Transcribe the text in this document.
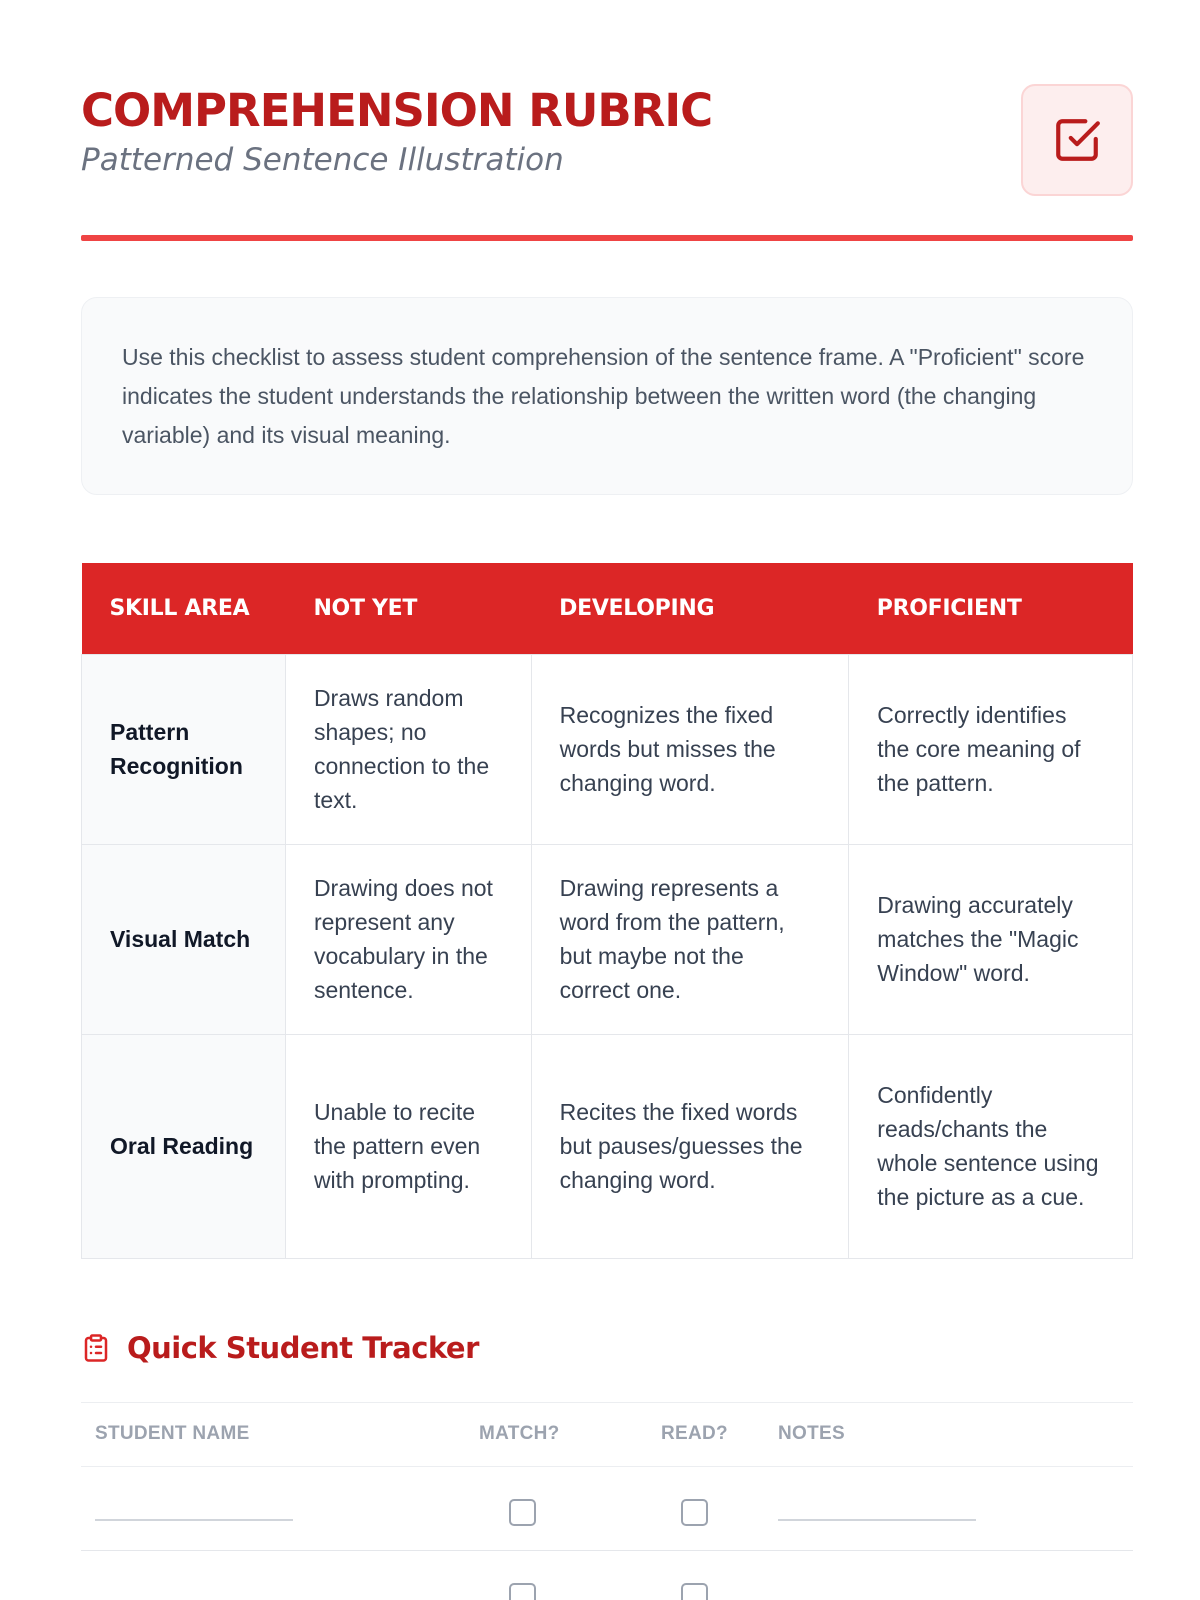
COMPREHENSION RUBRIC
Patterned Sentence Illustration

Use this checklist to assess student comprehension of the sentence frame. A "Proficient" score indicates the student understands the relationship between the written word (the changing variable) and its visual meaning.

SKILL AREA	NOT YET	DEVELOPING	PROFICIENT
Pattern Recognition	Draws random shapes; no connection to the text.	Recognizes the fixed words but misses the changing word.	Correctly identifies the core meaning of the pattern.
Visual Match	Drawing does not represent any vocabulary in the sentence.	Drawing represents a word from the pattern, but maybe not the correct one.	Drawing accurately matches the "Magic Window" word.
Oral Reading	Unable to recite the pattern even with prompting.	Recites the fixed words but pauses/guesses the changing word.	Confidently reads/chants the whole sentence using the picture as a cue.
Quick Student Tracker
STUDENT NAME	MATCH?	READ?	NOTES
